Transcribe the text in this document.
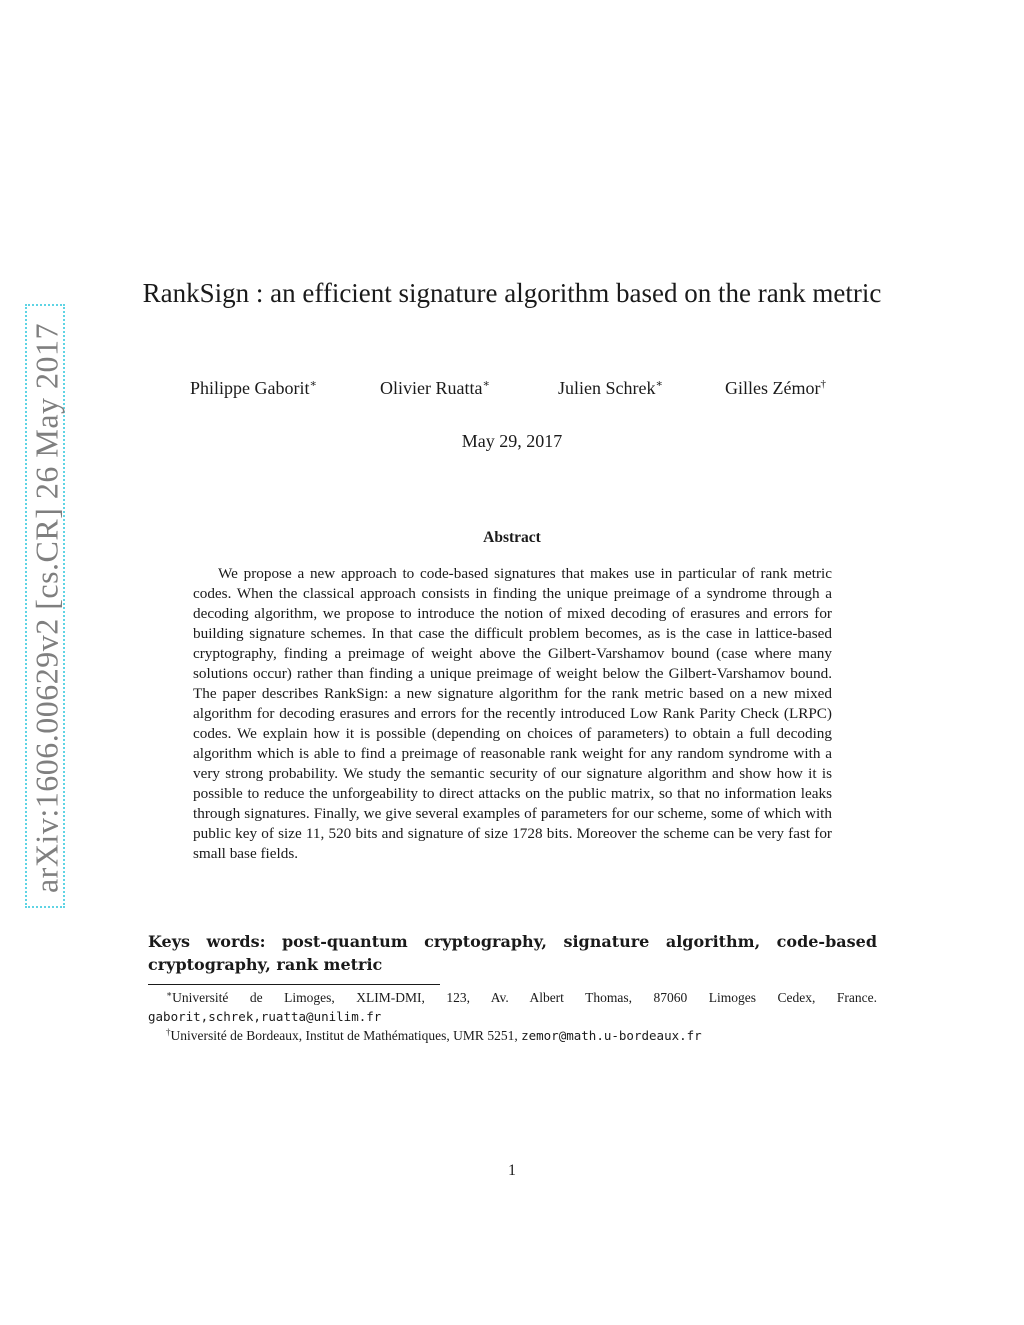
arXiv:1606.00629v2 [cs.CR] 26 May 2017
RankSign : an efficient signature algorithm based on the rank metric
Philippe Gaborit∗	Olivier Ruatta∗	Julien Schrek∗	Gilles Zémor†
May 29, 2017
Abstract

We propose a new approach to code-based signatures that makes use in particular of rank metric codes. When the classical approach consists in finding the unique preimage of a syndrome through a decoding algorithm, we propose to introduce the notion of mixed decoding of erasures and errors for building signature schemes. In that case the difficult problem becomes, as is the case in lattice-based cryptography, finding a preimage of weight above the Gilbert-Varshamov bound (case where many solutions occur) rather than finding a unique preimage of weight below the Gilbert-Varshamov bound. The paper describes RankSign: a new signature algorithm for the rank metric based on a new mixed algorithm for decoding erasures and errors for the recently introduced Low Rank Parity Check (LRPC) codes. We explain how it is possible (depending on choices of parameters) to obtain a full decoding algorithm which is able to find a preimage of reasonable rank weight for any random syndrome with a very strong probability. We study the semantic security of our signature algorithm and show how it is possible to reduce the unforgeability to direct attacks on the public matrix, so that no information leaks through signatures. Finally, we give several examples of parameters for our scheme, some of which with public key of size 11, 520 bits and signature of size 1728 bits. Moreover the scheme can be very fast for small base fields.

Keys words: post-quantum cryptography, signature algorithm, code-based cryptography, rank metric

∗Université de Limoges, XLIM-DMI, 123, Av. Albert Thomas, 87060 Limoges Cedex, France. gaborit,schrek,ruatta@unilim.fr

†Université de Bordeaux, Institut de Mathématiques, UMR 5251, zemor@math.u-bordeaux.fr

1
